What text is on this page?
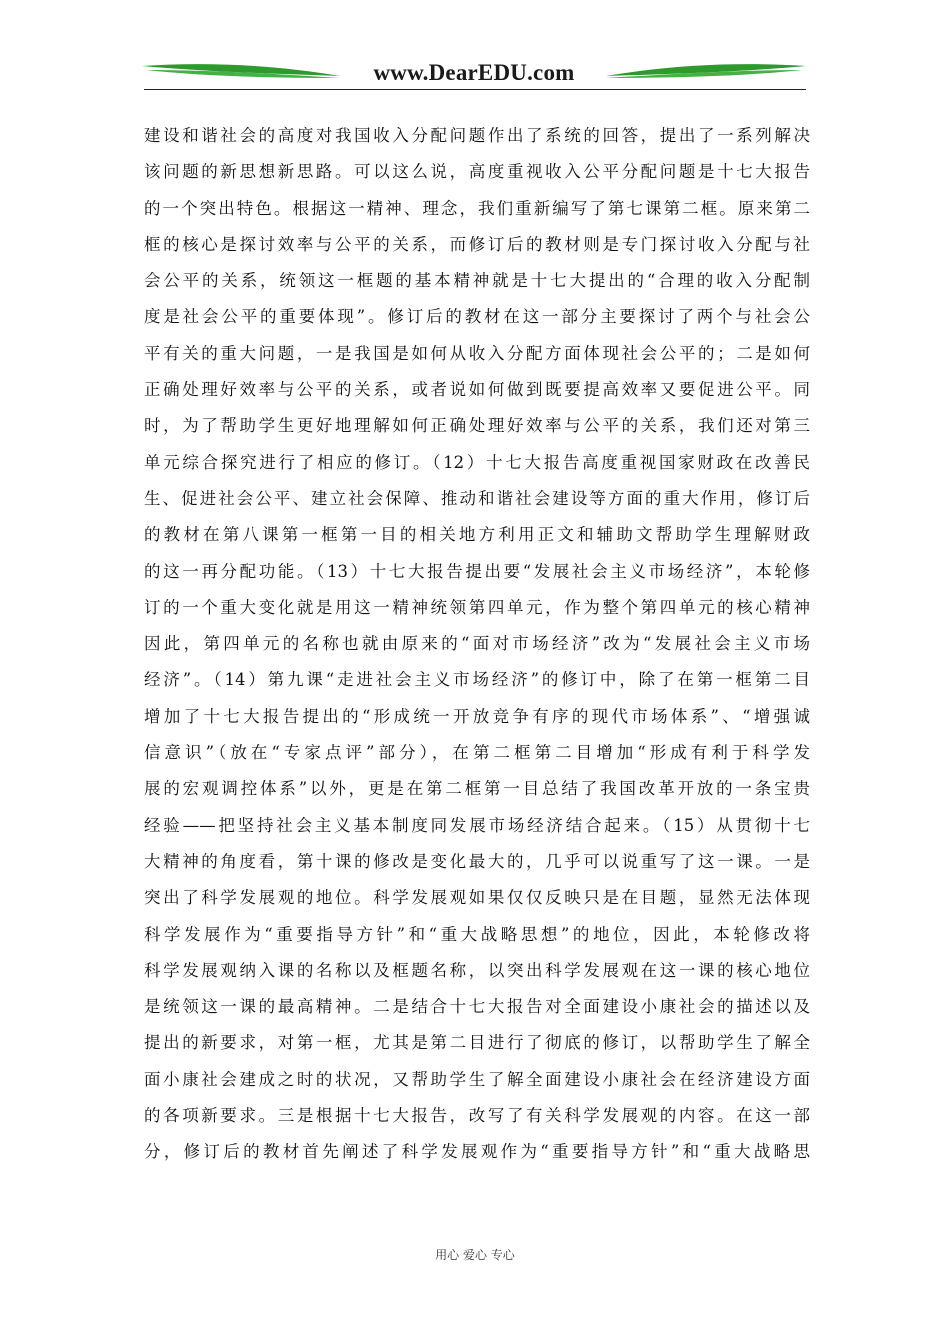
www.DearEDU.com
建设和谐社会的高度对我国收入分配问题作出了系统的回答，提出了一系列解决
该问题的新思想新思路。可以这么说，高度重视收入公平分配问题是十七大报告
的一个突出特色。根据这一精神、理念，我们重新编写了第七课第二框。原来第二
框的核心是探讨效率与公平的关系，而修订后的教材则是专门探讨收入分配与社
会公平的关系，统领这一框题的基本精神就是十七大提出的“合理的收入分配制
度是社会公平的重要体现”。修订后的教材在这一部分主要探讨了两个与社会公
平有关的重大问题，一是我国是如何从收入分配方面体现社会公平的；二是如何
正确处理好效率与公平的关系，或者说如何做到既要提高效率又要促进公平。同
时，为了帮助学生更好地理解如何正确处理好效率与公平的关系，我们还对第三
单元综合探究进行了相应的修订。（12）十七大报告高度重视国家财政在改善民
生、促进社会公平、建立社会保障、推动和谐社会建设等方面的重大作用，修订后
的教材在第八课第一框第一目的相关地方利用正文和辅助文帮助学生理解财政
的这一再分配功能。（13）十七大报告提出要“发展社会主义市场经济”，本轮修
订的一个重大变化就是用这一精神统领第四单元，作为整个第四单元的核心精神
因此，第四单元的名称也就由原来的“面对市场经济”改为“发展社会主义市场
经济”。（14）第九课“走进社会主义市场经济”的修订中，除了在第一框第二目
增加了十七大报告提出的“形成统一开放竞争有序的现代市场体系”、“增强诚
信意识”（放在“专家点评”部分），在第二框第二目增加“形成有利于科学发
展的宏观调控体系”以外，更是在第二框第一目总结了我国改革开放的一条宝贵
经验——把坚持社会主义基本制度同发展市场经济结合起来。（15）从贯彻十七
大精神的角度看，第十课的修改是变化最大的，几乎可以说重写了这一课。一是
突出了科学发展观的地位。科学发展观如果仅仅反映只是在目题，显然无法体现
科学发展作为“重要指导方针”和“重大战略思想”的地位，因此，本轮修改将
科学发展观纳入课的名称以及框题名称，以突出科学发展观在这一课的核心地位
是统领这一课的最高精神。二是结合十七大报告对全面建设小康社会的描述以及
提出的新要求，对第一框，尤其是第二目进行了彻底的修订，以帮助学生了解全
面小康社会建成之时的状况，又帮助学生了解全面建设小康社会在经济建设方面
的各项新要求。三是根据十七大报告，改写了有关科学发展观的内容。在这一部
分，修订后的教材首先阐述了科学发展观作为“重要指导方针”和“重大战略思
用心 爱心 专心
